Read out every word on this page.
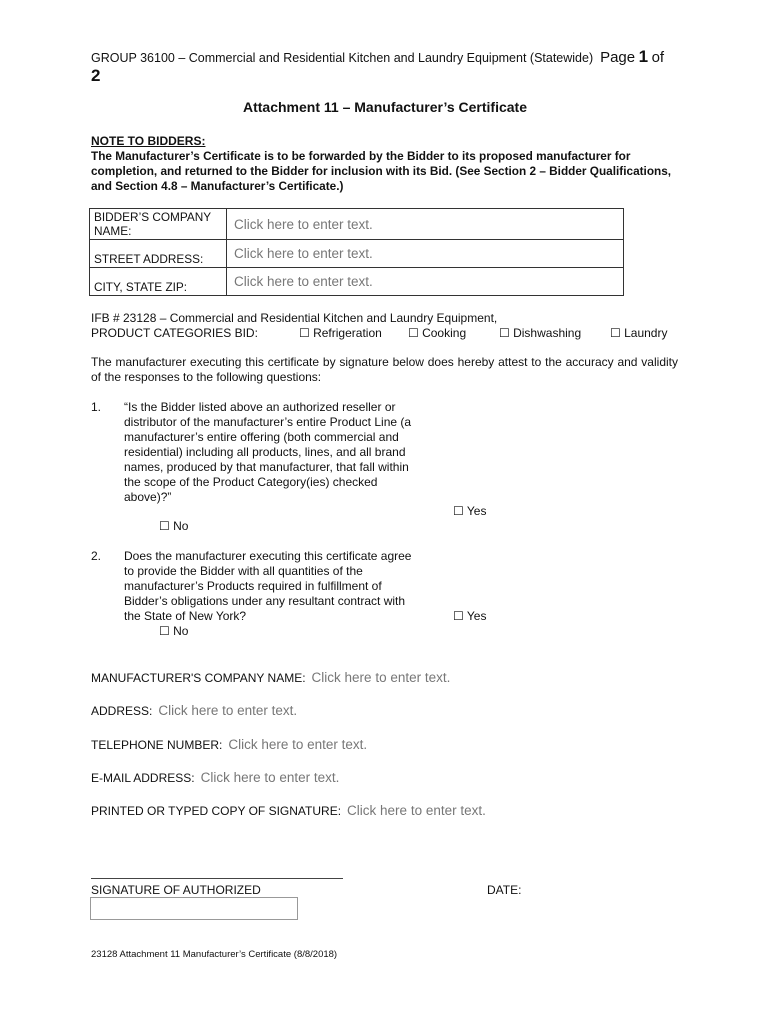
GROUP 36100 – Commercial and Residential Kitchen and Laundry Equipment (Statewide) Page 1 of
2
Attachment 11 – Manufacturer’s Certificate
NOTE TO BIDDERS:
The Manufacturer’s Certificate is to be forwarded by the Bidder to its proposed manufacturer for completion, and returned to the Bidder for inclusion with its Bid. (See Section 2 – Bidder Qualifications, and Section 4.8 – Manufacturer’s Certificate.)
BIDDER’S COMPANY NAME:	Click here to enter text.
STREET ADDRESS:	Click here to enter text.
CITY, STATE ZIP:	Click here to enter text.
IFB # 23128 – Commercial and Residential Kitchen and Laundry Equipment,
PRODUCT CATEGORIES BID:	☐ Refrigeration ☐ Cooking	☐ Dishwashing ☐ Laundry
The manufacturer executing this certificate by signature below does hereby attest to the accuracy and validity of the responses to the following questions:
1. “Is the Bidder listed above an authorized reseller or distributor of the manufacturer’s entire Product Line (a manufacturer’s entire offering (both commercial and residential) including all products, lines, and all brand names, produced by that manufacturer, that fall within the scope of the Product Category(ies) checked above)?”
☐ Yes
☐ No
2. Does the manufacturer executing this certificate agree to provide the Bidder with all quantities of the manufacturer’s Products required in fulfillment of Bidder’s obligations under any resultant contract with the State of New York?	☐ Yes
☐ No
MANUFACTURER'S COMPANY NAME: Click here to enter text.
ADDRESS: Click here to enter text.
TELEPHONE NUMBER: Click here to enter text.
E-MAIL ADDRESS: Click here to enter text.
PRINTED OR TYPED COPY OF SIGNATURE: Click here to enter text.
SIGNATURE OF AUTHORIZED	DATE:
23128 Attachment 11 Manufacturer’s Certificate (8/8/2018)
